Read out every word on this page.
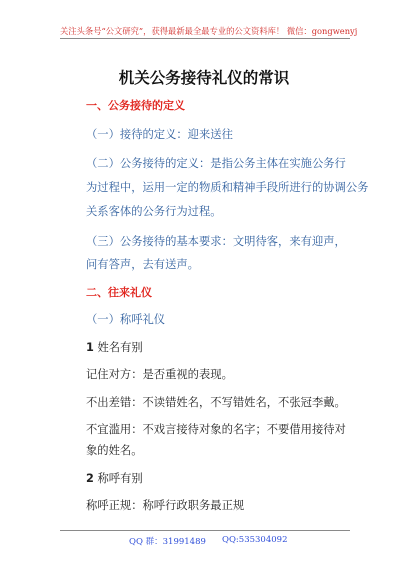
关注头条号“公文研究”，获得最新最全最专业的公文资料库！ 微信：gongwenyj
机关公务接待礼仪的常识
一、公务接待的定义
（一）接待的定义：迎来送往
（二）公务接待的定义：是指公务主体在实施公务行
为过程中，运用一定的物质和精神手段所进行的协调公务
关系客体的公务行为过程。
（三）公务接待的基本要求：文明待客，来有迎声，
问有答声，去有送声。
二、往来礼仪
（一）称呼礼仪
1 姓名有别
记住对方：是否重视的表现。
不出差错：不读错姓名，不写错姓名，不张冠李戴。
不宜滥用：不戏言接待对象的名字；不要借用接待对
象的姓名。
2 称呼有别
称呼正规：称呼行政职务最正规
QQ 群：31991489 QQ:535304092
